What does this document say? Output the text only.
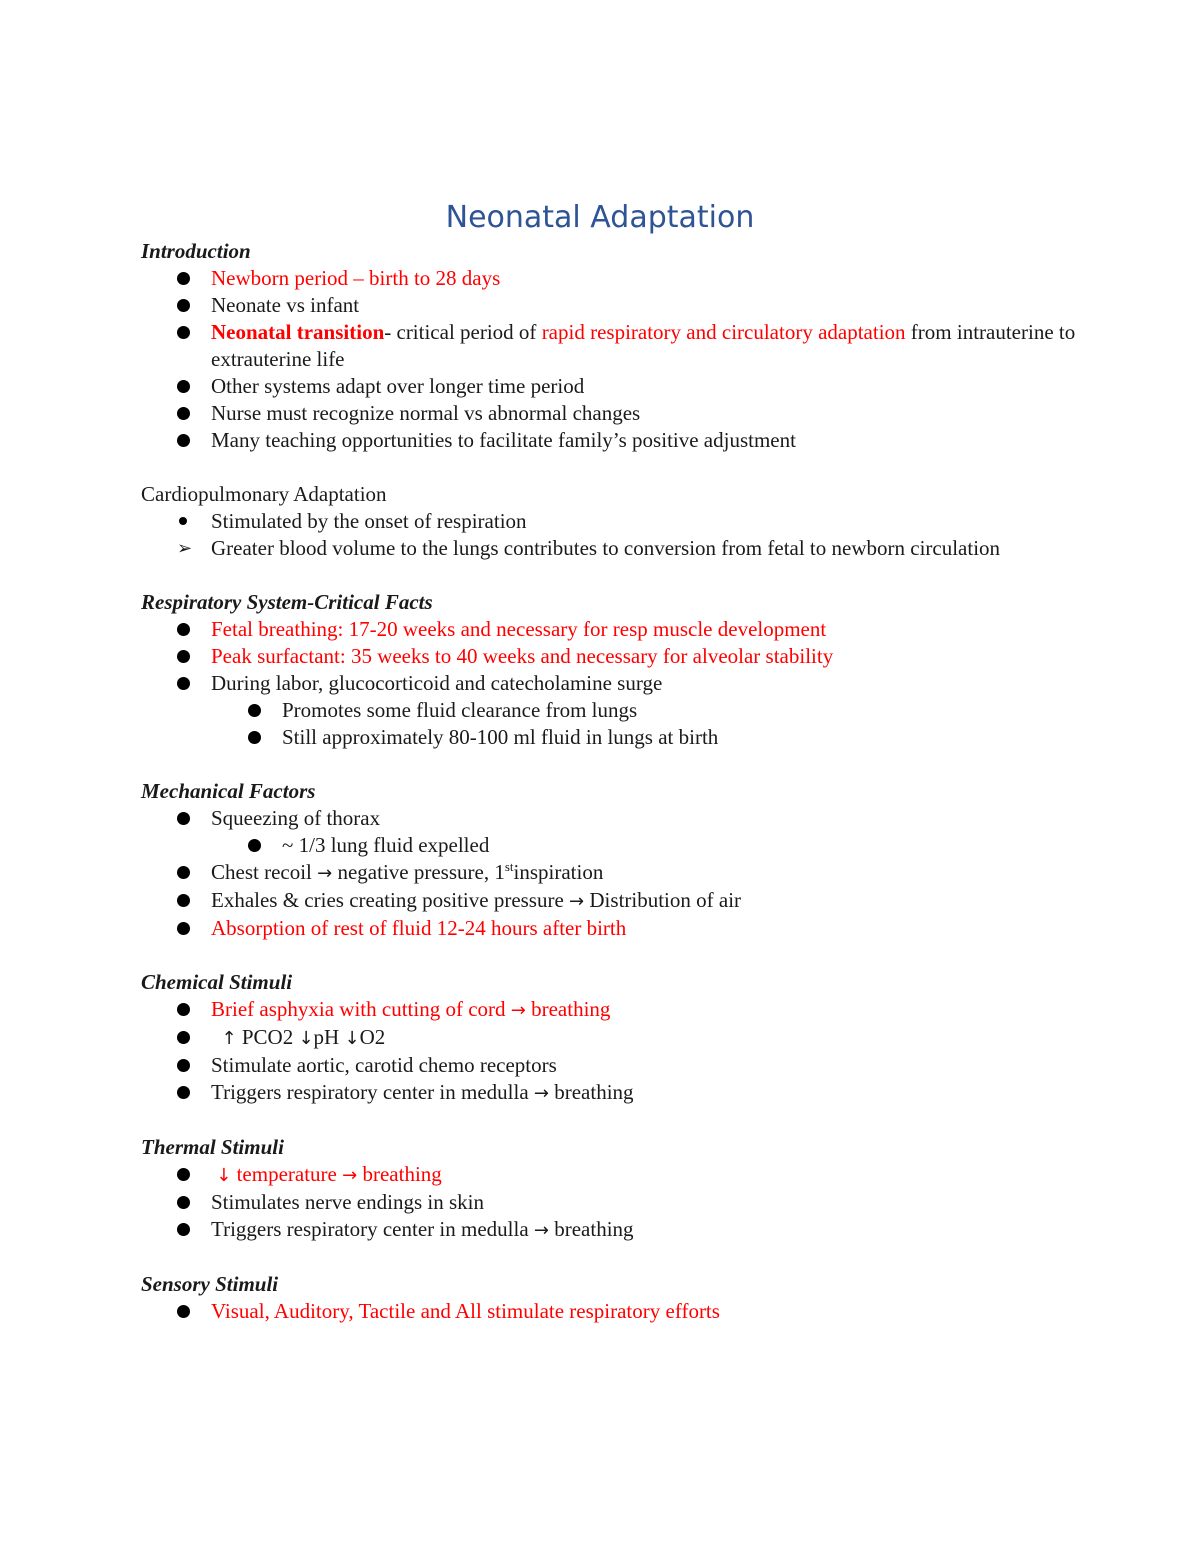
Neonatal Adaptation
Introduction
Newborn period – birth to 28 days
Neonate vs infant
Neonatal transition- critical period of rapid respiratory and circulatory adaptation from intrauterine to extrauterine life
Other systems adapt over longer time period
Nurse must recognize normal vs abnormal changes
Many teaching opportunities to facilitate family’s positive adjustment
Cardiopulmonary Adaptation
Stimulated by the onset of respiration
➢ Greater blood volume to the lungs contributes to conversion from fetal to newborn circulation
Respiratory System-Critical Facts
Fetal breathing: 17-20 weeks and necessary for resp muscle development
Peak surfactant: 35 weeks to 40 weeks and necessary for alveolar stability
During labor, glucocorticoid and catecholamine surge
Promotes some fluid clearance from lungs
Still approximately 80-100 ml fluid in lungs at birth
Mechanical Factors
Squeezing of thorax
~ 1/3 lung fluid expelled
Chest recoil → negative pressure, 1stinspiration
Exhales & cries creating positive pressure → Distribution of air
Absorption of rest of fluid 12-24 hours after birth
Chemical Stimuli
Brief asphyxia with cutting of cord → breathing
↑ PCO2 ↓pH ↓O2
Stimulate aortic, carotid chemo receptors
Triggers respiratory center in medulla → breathing
Thermal Stimuli
↓ temperature → breathing
Stimulates nerve endings in skin
Triggers respiratory center in medulla → breathing
Sensory Stimuli
Visual, Auditory, Tactile and All stimulate respiratory efforts
